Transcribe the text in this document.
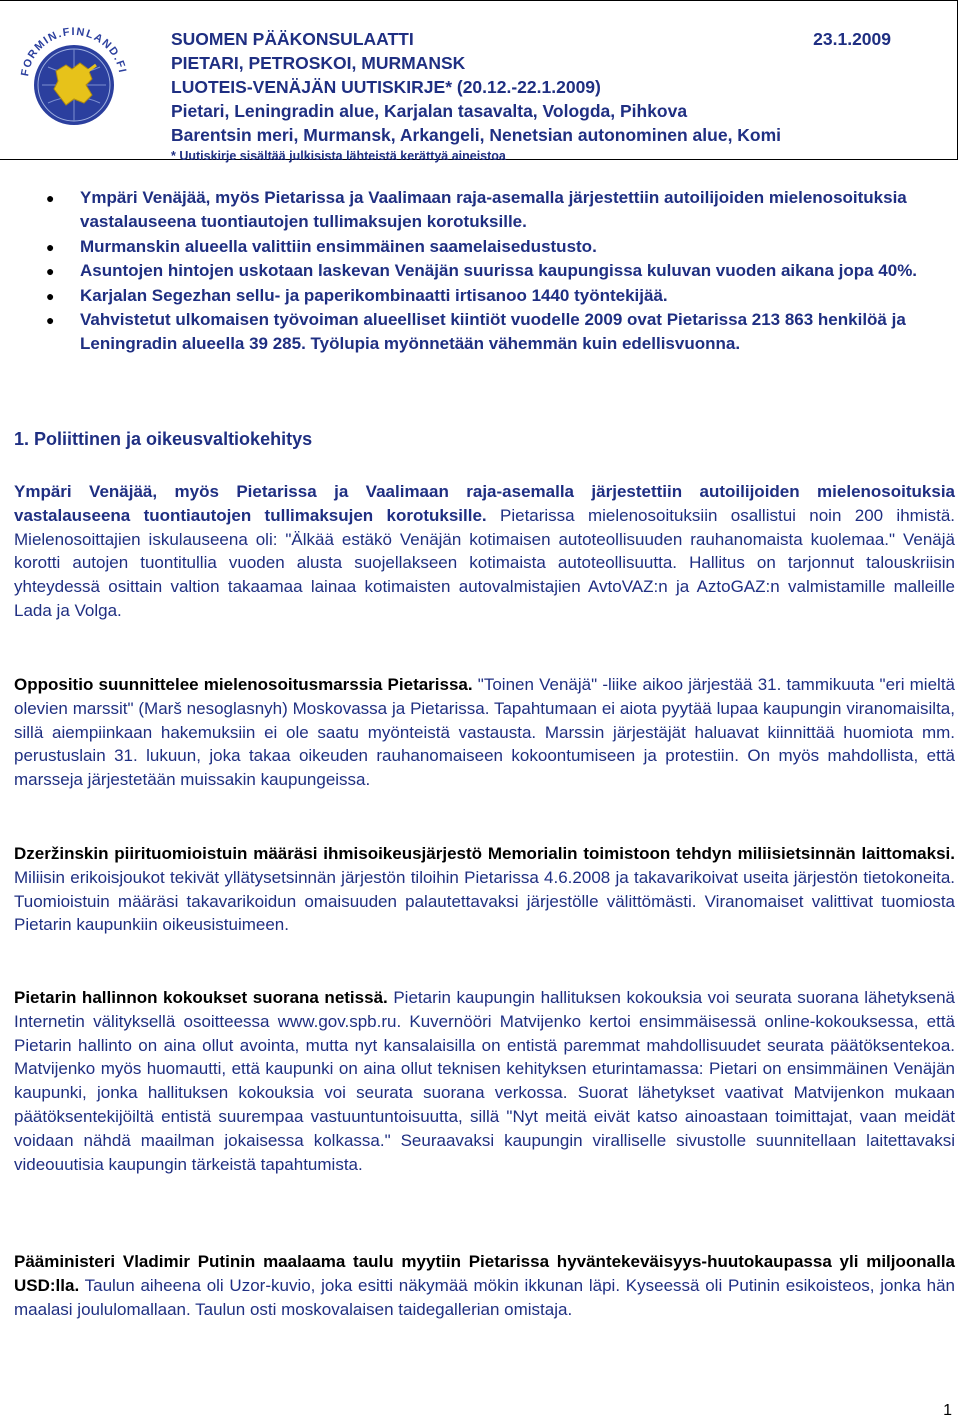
FORMIN.FINLAND.FI
SUOMEN PÄÄKONSULAATTI	23.1.2009
PIETARI, PETROSKOI, MURMANSK
LUOTEIS-VENÄJÄN UUTISKIRJE* (20.12.-22.1.2009)
Pietari, Leningradin alue, Karjalan tasavalta, Vologda, Pihkova
Barentsin meri, Murmansk, Arkangeli, Nenetsian autonominen alue, Komi
* Uutiskirje sisältää julkisista lähteistä kerättyä aineistoa
● Ympäri Venäjää, myös Pietarissa ja Vaalimaan raja-asemalla järjestettiin autoilijoiden mielenosoituksia vastalauseena tuontiautojen tullimaksujen korotuksille.
● Murmanskin alueella valittiin ensimmäinen saamelaisedustusto.
● Asuntojen hintojen uskotaan laskevan Venäjän suurissa kaupungissa kuluvan vuoden aikana jopa 40%.
● Karjalan Segezhan sellu- ja paperikombinaatti irtisanoo 1440 työntekijää.
● Vahvistetut ulkomaisen työvoiman alueelliset kiintiöt vuodelle 2009 ovat Pietarissa 213 863 henkilöä ja Leningradin alueella 39 285. Työlupia myönnetään vähemmän kuin edellisvuonna.
1. Poliittinen ja oikeusvaltiokehitys
Ympäri Venäjää, myös Pietarissa ja Vaalimaan raja-asemalla järjestettiin autoilijoiden mielenosoituksia vastalauseena tuontiautojen tullimaksujen korotuksille. Pietarissa mielenosoituksiin osallistui noin 200 ihmistä. Mielenosoittajien iskulauseena oli: "Älkää estäkö Venäjän kotimaisen autoteollisuuden rauhanomaista kuolemaa." Venäjä korotti autojen tuontitullia vuoden alusta suojellakseen kotimaista autoteollisuutta. Hallitus on tarjonnut talouskriisin yhteydessä osittain valtion takaamaa lainaa kotimaisten autovalmistajien AvtoVAZ:n ja AztoGAZ:n valmistamille malleille Lada ja Volga.
Oppositio suunnittelee mielenosoitusmarssia Pietarissa. "Toinen Venäjä" -liike aikoo järjestää 31. tammikuuta "eri mieltä olevien marssit" (Marš nesoglasnyh) Moskovassa ja Pietarissa. Tapahtumaan ei aiota pyytää lupaa kaupungin viranomaisilta, sillä aiempiinkaan hakemuksiin ei ole saatu myönteistä vastausta. Marssin järjestäjät haluavat kiinnittää huomiota mm. perustuslain 31. lukuun, joka takaa oikeuden rauhanomaiseen kokoontumiseen ja protestiin. On myös mahdollista, että marsseja järjestetään muissakin kaupungeissa.
Dzeržinskin piirituomioistuin määräsi ihmisoikeusjärjestö Memorialin toimistoon tehdyn miliisietsinnän laittomaksi. Miliisin erikoisjoukot tekivät yllätysetsinnän järjestön tiloihin Pietarissa 4.6.2008 ja takavarikoivat useita järjestön tietokoneita. Tuomioistuin määräsi takavarikoidun omaisuuden palautettavaksi järjestölle välittömästi. Viranomaiset valittivat tuomiosta Pietarin kaupunkiin oikeusistuimeen.
Pietarin hallinnon kokoukset suorana netissä. Pietarin kaupungin hallituksen kokouksia voi seurata suorana lähetyksenä Internetin välityksellä osoitteessa www.gov.spb.ru. Kuvernööri Matvijenko kertoi ensimmäisessä online-kokouksessa, että Pietarin hallinto on aina ollut avointa, mutta nyt kansalaisilla on entistä paremmat mahdollisuudet seurata päätöksentekoa. Matvijenko myös huomautti, että kaupunki on aina ollut teknisen kehityksen eturintamassa: Pietari on ensimmäinen Venäjän kaupunki, jonka hallituksen kokouksia voi seurata suorana verkossa. Suorat lähetykset vaativat Matvijenkon mukaan päätöksentekijöiltä entistä suurempaa vastuuntuntoisuutta, sillä "Nyt meitä eivät katso ainoastaan toimittajat, vaan meidät voidaan nähdä maailman jokaisessa kolkassa." Seuraavaksi kaupungin viralliselle sivustolle suunnitellaan laitettavaksi videouutisia kaupungin tärkeistä tapahtumista.
Pääministeri Vladimir Putinin maalaama taulu myytiin Pietarissa hyväntekeväisyys-huutokaupassa yli miljoonalla USD:lla. Taulun aiheena oli Uzor-kuvio, joka esitti näkymää mökin ikkunan läpi. Kyseessä oli Putinin esikoisteos, jonka hän maalasi joululomallaan. Taulun osti moskovalaisen taidegallerian omistaja.
1
